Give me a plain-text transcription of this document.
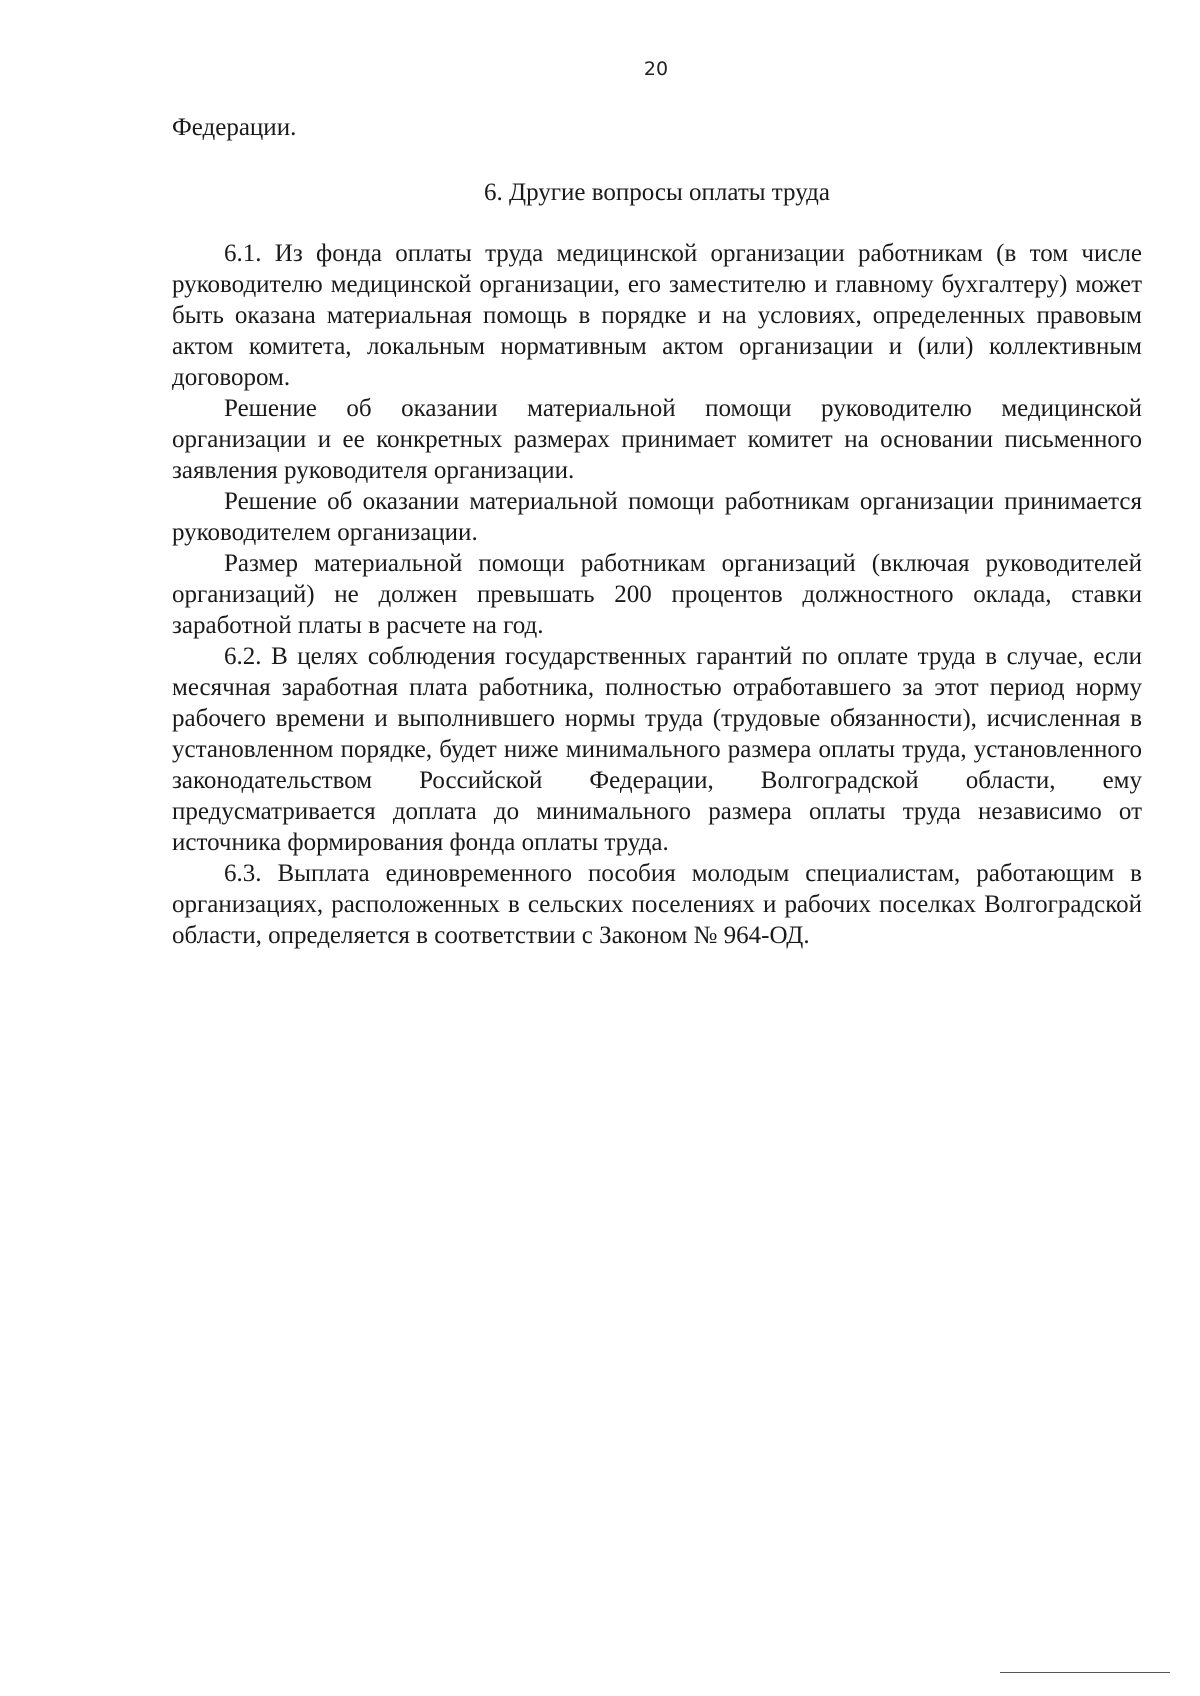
20

Федерации.

6. Другие вопросы оплаты труда

6.1. Из фонда оплаты труда медицинской организации работникам (в том числе руководителю медицинской организации, его заместителю и главному бухгалтеру) может быть оказана материальная помощь в порядке и на условиях, определенных правовым актом комитета, локальным нормативным актом организации и (или) коллективным договором.

Решение об оказании материальной помощи руководителю медицинской организации и ее конкретных размерах принимает комитет на основании письменного заявления руководителя организации.

Решение об оказании материальной помощи работникам организации принимается руководителем организации.

Размер материальной помощи работникам организаций (включая руководителей организаций) не должен превышать 200 процентов должностного оклада, ставки заработной платы в расчете на год.

6.2. В целях соблюдения государственных гарантий по оплате труда в случае, если месячная заработная плата работника, полностью отработавшего за этот период норму рабочего времени и выполнившего нормы труда (трудовые обязанности), исчисленная в установленном порядке, будет ниже минимального размера оплаты труда, установленного законодательством Российской Федерации, Волгоградской области, ему предусматривается доплата до минимального размера оплаты труда независимо от источника формирования фонда оплаты труда.

6.3. Выплата единовременного пособия молодым специалистам, работающим в организациях, расположенных в сельских поселениях и рабочих поселках Волгоградской области, определяется в соответствии с Законом № 964-ОД.
